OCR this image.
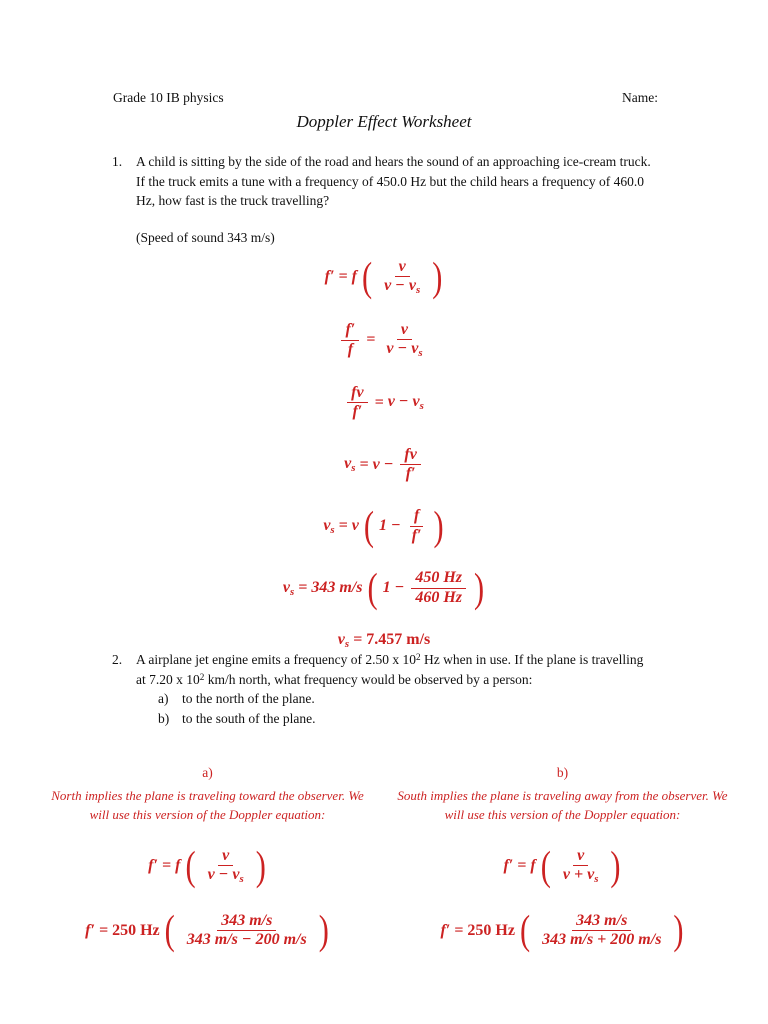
Grade 10 IB physics	Name:
Doppler Effect Worksheet
1. A child is sitting by the side of the road and hears the sound of an approaching ice-cream truck. If the truck emits a tune with a frequency of 450.0 Hz but the child hears a frequency of 460.0 Hz, how fast is the truck travelling?
(Speed of sound 343 m/s)
f′ = f ( $\frac{v}{v - v_s}$ )
$\frac{f'}{f} = \frac{v}{v - v_s}$
$\frac{fv}{f'} = v - v_s$
$v_s = v - \frac{fv}{f'}$
$v_s = v$ ( $1 - \frac{f}{f'}$ )
$v_s = 343$ m/s ( $1 - \frac{450 Hz}{460 Hz}$ )
$v_s = 7.457$ m/s
2. A airplane jet engine emits a frequency of 2.50 x $10^2$ Hz when in use. If the plane is travelling at 7.20 x $10^2$ km/h north, what frequency would be observed by a person:
a) to the north of the plane.
b) to the south of the plane.
a)
North implies the plane is traveling toward the observer. We will use this version of the Doppler equation:
f′ = f ( $\frac{v}{v - v_s}$ )
f′ = 250 Hz ( $\frac{343 m/s}{343 m/s - 200 m/s}$ )
b)
South implies the plane is traveling away from the observer. We will use this version of the Doppler equation:
f′ = f ( $\frac{v}{v + v_s}$ )
f′ = 250 Hz ( $\frac{343 m/s}{343 m/s + 200 m/s}$ )
